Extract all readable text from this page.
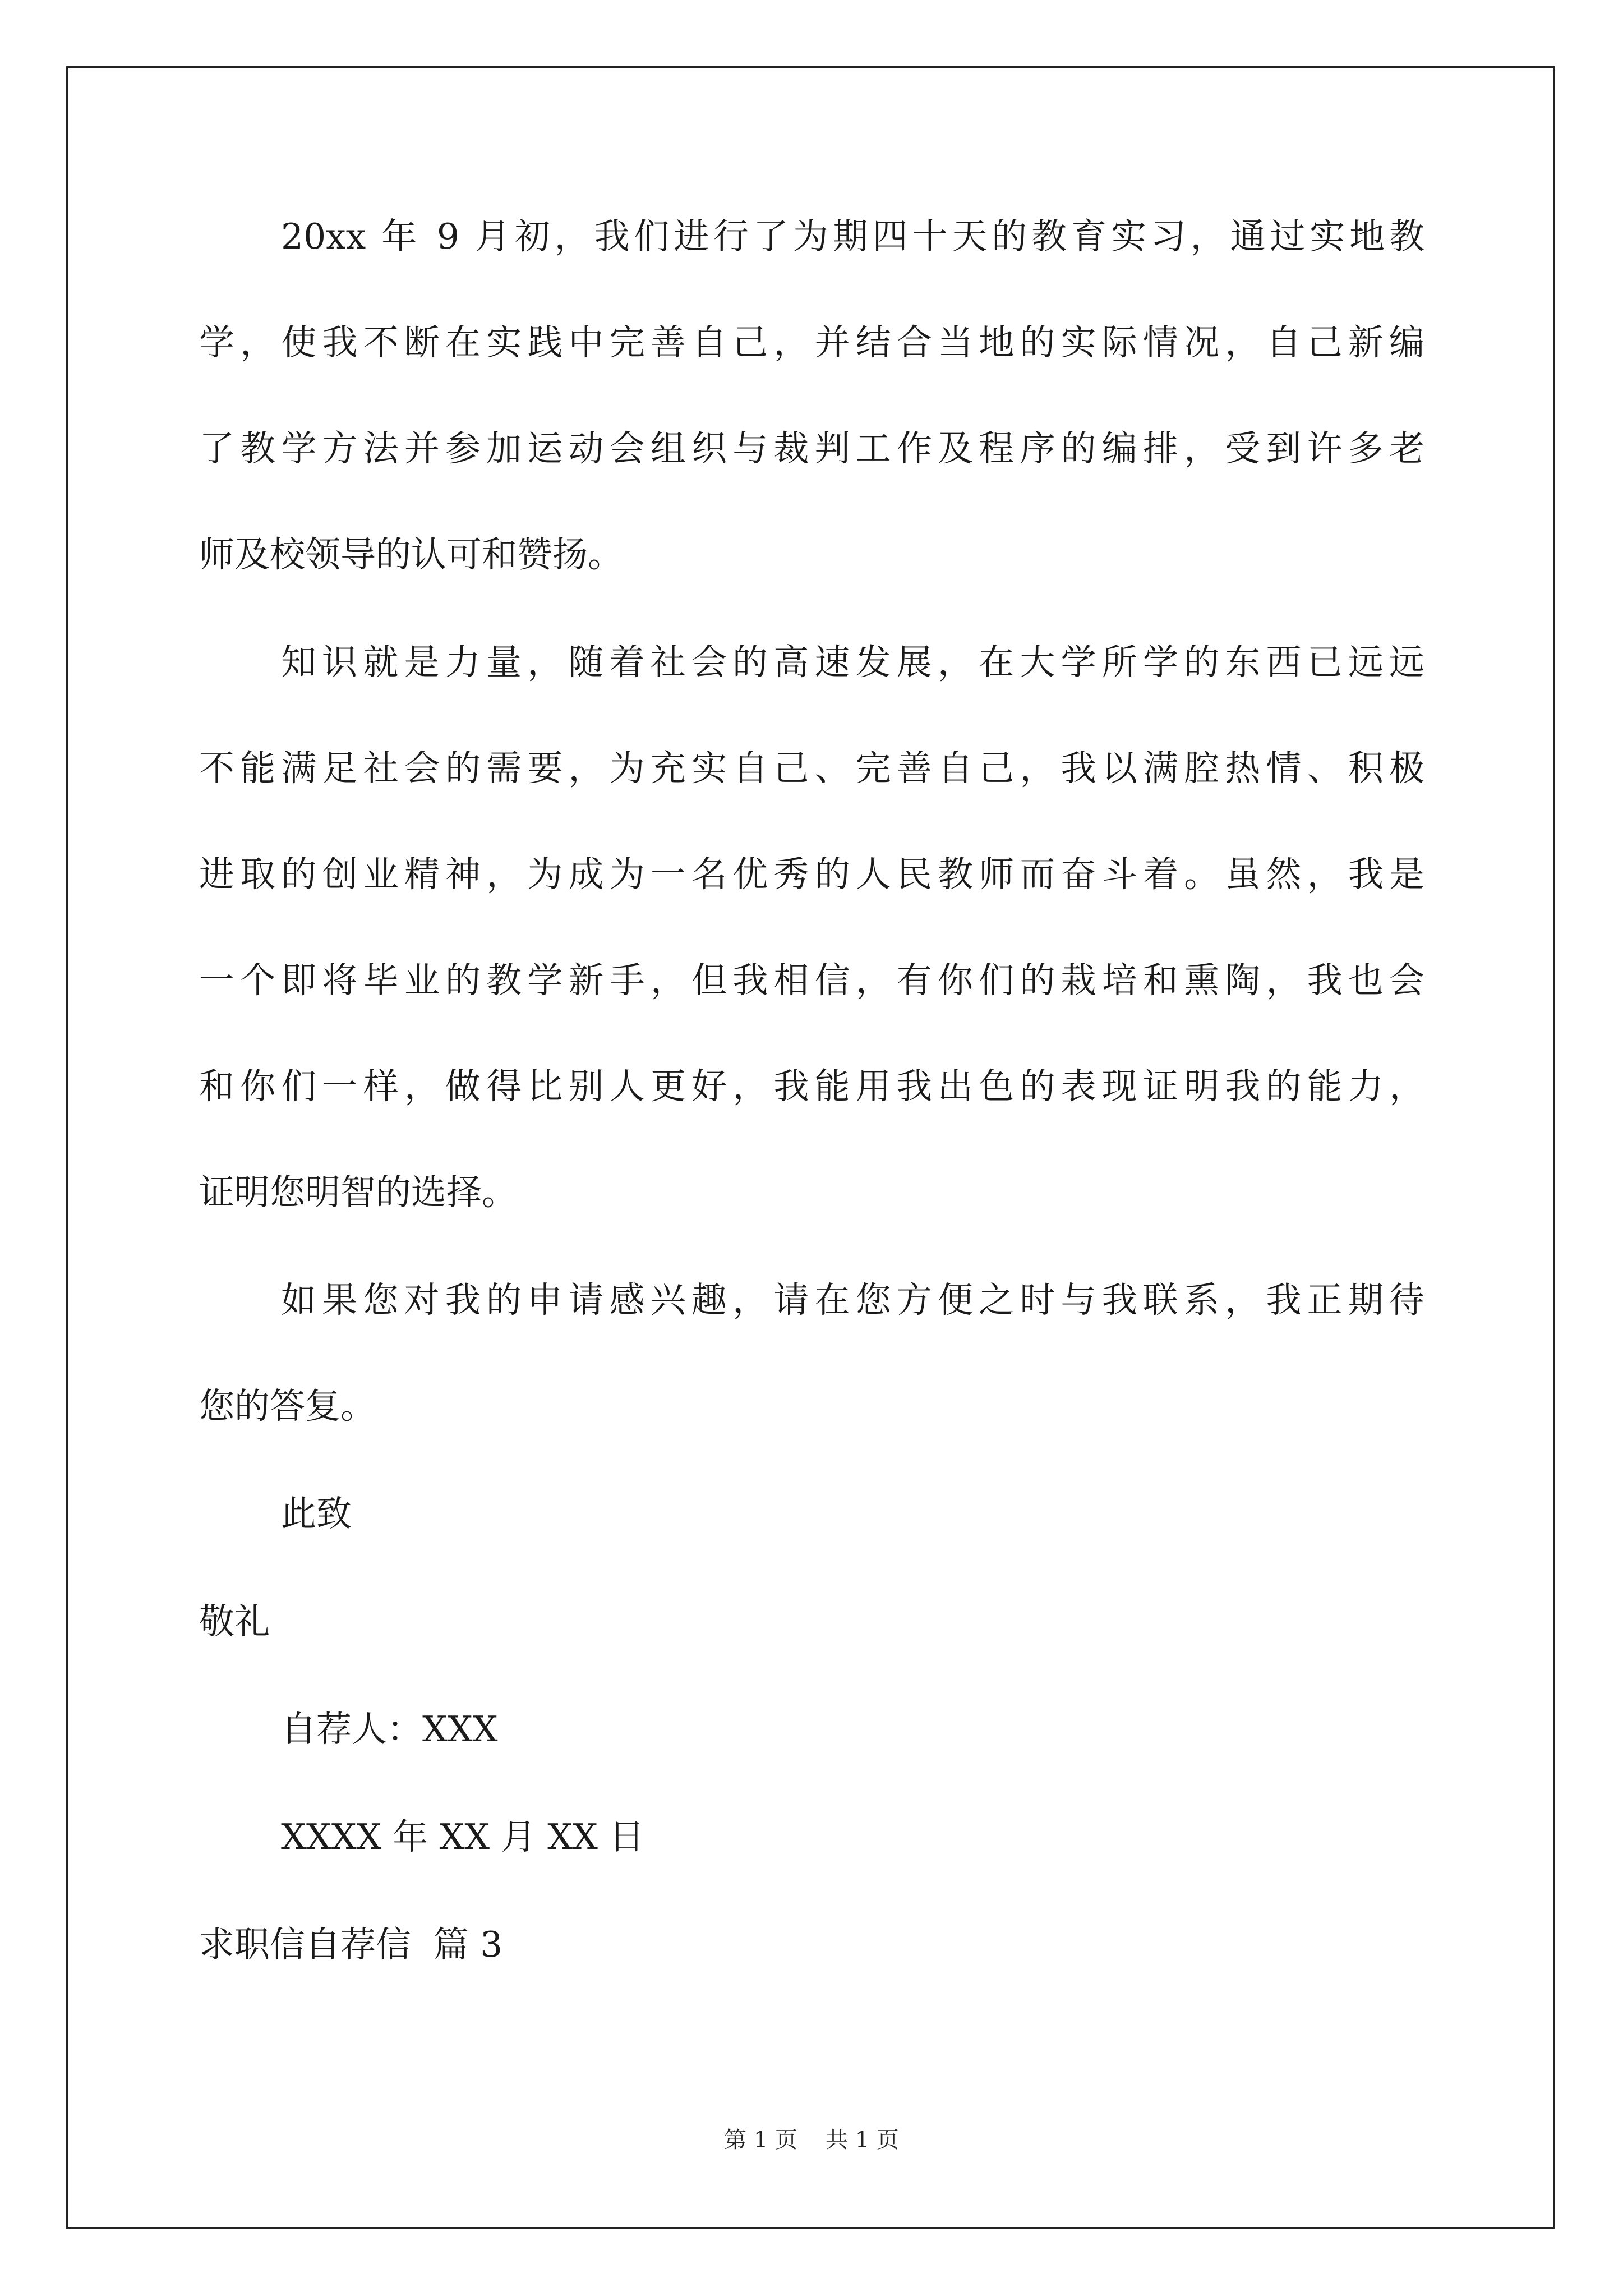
20xx 年 9 月初，我们进行了为期四十天的教育实习，通过实地教
学，使我不断在实践中完善自己，并结合当地的实际情况，自己新编
了教学方法并参加运动会组织与裁判工作及程序的编排，受到许多老
师及校领导的认可和赞扬。
知识就是力量，随着社会的高速发展，在大学所学的东西已远远
不能满足社会的需要，为充实自己、完善自己，我以满腔热情、积极
进取的创业精神，为成为一名优秀的人民教师而奋斗着。虽然，我是
一个即将毕业的教学新手，但我相信，有你们的栽培和熏陶，我也会
和你们一样，做得比别人更好，我能用我出色的表现证明我的能力，
证明您明智的选择。
如果您对我的申请感兴趣，请在您方便之时与我联系，我正期待
您的答复。
此致
敬礼
自荐人：XXX
XXXX 年 XX 月 XX 日
求职信自荐信  篇 3
第 1 页 共 1 页
